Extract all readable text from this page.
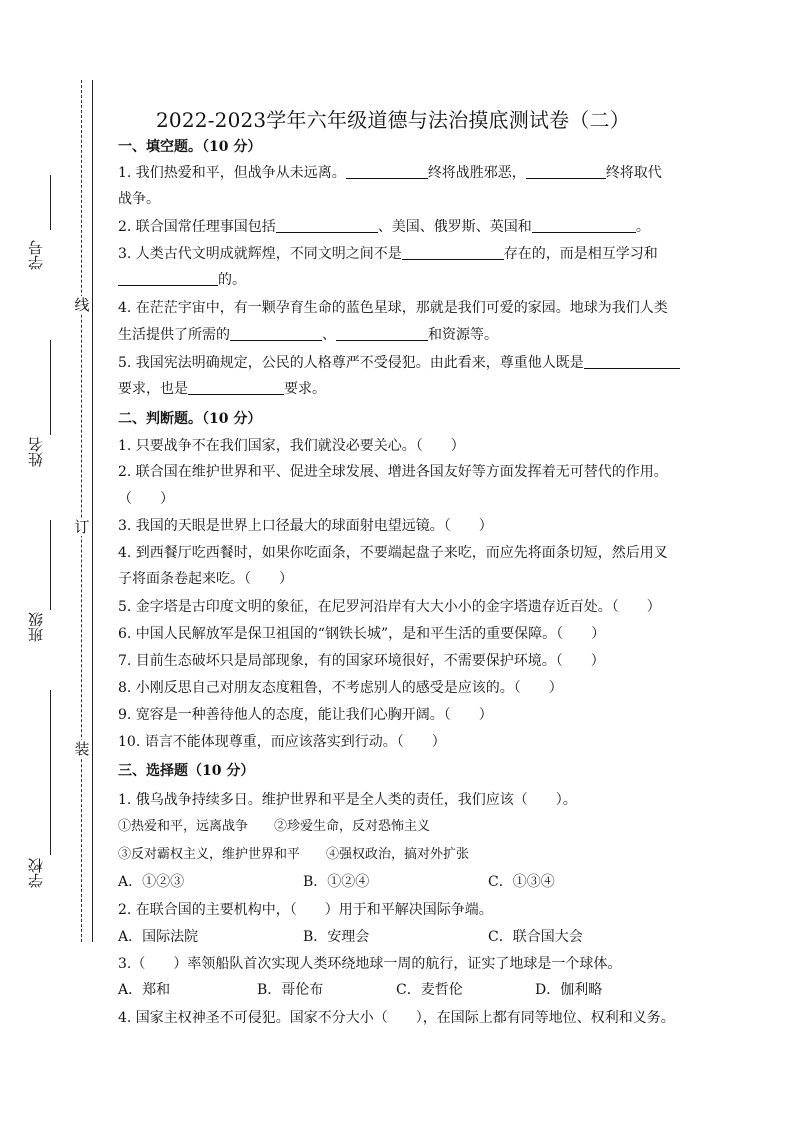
学号
姓名
班级
学校
线
订
装
2022-2023学年六年级道德与法治摸底测试卷（二）
一、填空题。（10 分）
1. 我们热爱和平，但战争从未远离。	终将战胜邪恶，	终将取代
战争。
2. 联合国常任理事国包括	、美国、俄罗斯、英国和	。
3. 人类古代文明成就辉煌，不同文明之间不是	存在的，而是相互学习和
的。
4. 在茫茫宇宙中，有一颗孕育生命的蓝色星球，那就是我们可爱的家园。地球为我们人类
生活提供了所需的	、	和资源等。
5. 我国宪法明确规定，公民的人格尊严不受侵犯。由此看来，尊重他人既是
要求，也是	要求。
二、判断题。（10 分）
1. 只要战争不在我们国家，我们就没必要关心。（　　）
2. 联合国在维护世界和平、促进全球发展、增进各国友好等方面发挥着无可替代的作用。
（　　）
3. 我国的天眼是世界上口径最大的球面射电望远镜。（　　）
4. 到西餐厅吃西餐时，如果你吃面条，不要端起盘子来吃，而应先将面条切短，然后用叉
子将面条卷起来吃。（　　）
5. 金字塔是古印度文明的象征，在尼罗河沿岸有大大小小的金字塔遗存近百处。（　　）
6. 中国人民解放军是保卫祖国的“钢铁长城”，是和平生活的重要保障。（　　）
7. 目前生态破坏只是局部现象，有的国家环境很好，不需要保护环境。（　　）
8. 小刚反思自己对朋友态度粗鲁，不考虑别人的感受是应该的。（　　）
9. 宽容是一种善待他人的态度，能让我们心胸开阔。（　　）
10. 语言不能体现尊重，而应该落实到行动。（　　）
三、选择题（10 分）
1. 俄乌战争持续多日。维护世界和平是全人类的责任，我们应该（　　）。
①热爱和平，远离战争　　②珍爱生命，反对恐怖主义
③反对霸权主义，维护世界和平　　④强权政治，搞对外扩张
A．①②③	B．①②④	C．①③④
2. 在联合国的主要机构中，（　　）用于和平解决国际争端。
A．国际法院	B．安理会	C．联合国大会
3.（　　）率领船队首次实现人类环绕地球一周的航行，证实了地球是一个球体。
A．郑和	B．哥伦布	C．麦哲伦	D．伽利略
4. 国家主权神圣不可侵犯。国家不分大小（　　），在国际上都有同等地位、权利和义务。
